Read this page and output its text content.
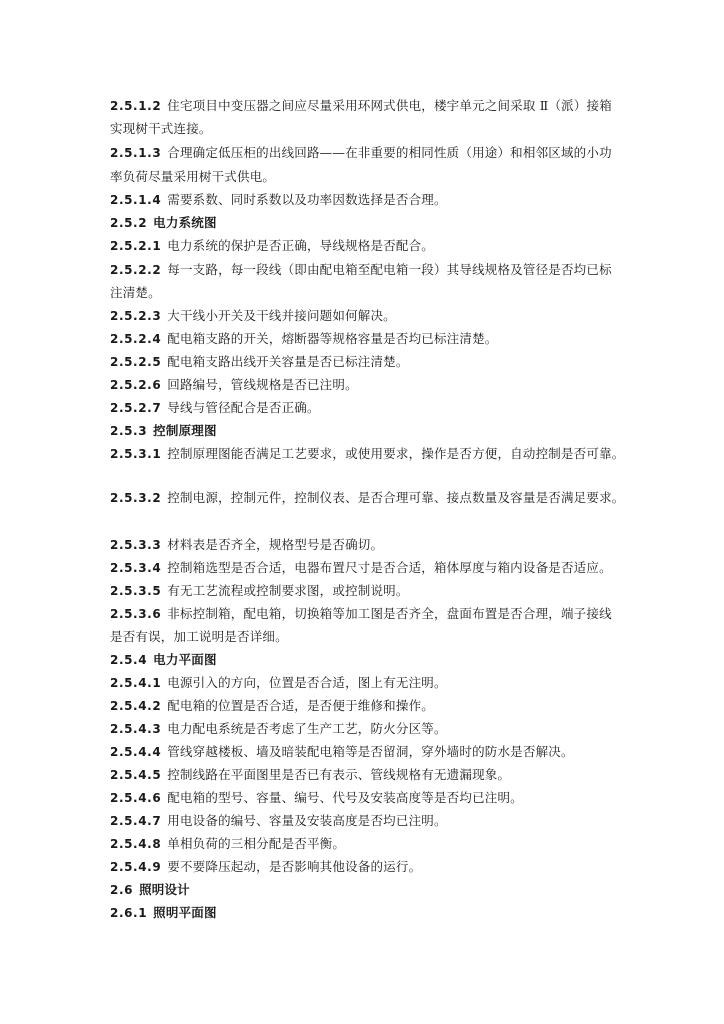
2.5.1.2 住宅项目中变压器之间应尽量采用环网式供电，楼宇单元之间采取 Ⅱ（派）接箱
实现树干式连接。
2.5.1.3 合理确定低压柜的出线回路——在非重要的相同性质（用途）和相邻区域的小功
率负荷尽量采用树干式供电。
2.5.1.4 需要系数、同时系数以及功率因数选择是否合理。
2.5.2 电力系统图
2.5.2.1 电力系统的保护是否正确，导线规格是否配合。
2.5.2.2 每一支路，每一段线（即由配电箱至配电箱一段）其导线规格及管径是否均已标
注清楚。
2.5.2.3 大干线小开关及干线并接问题如何解决。
2.5.2.4 配电箱支路的开关，熔断器等规格容量是否均已标注清楚。
2.5.2.5 配电箱支路出线开关容量是否已标注清楚。
2.5.2.6 回路编号，管线规格是否已注明。
2.5.2.7 导线与管径配合是否正确。
2.5.3 控制原理图
2.5.3.1 控制原理图能否满足工艺要求，或使用要求，操作是否方便，自动控制是否可靠。
2.5.3.2 控制电源，控制元件，控制仪表、是否合理可靠、接点数量及容量是否满足要求。
2.5.3.3 材料表是否齐全，规格型号是否确切。
2.5.3.4 控制箱选型是否合适，电器布置尺寸是否合适，箱体厚度与箱内设备是否适应。
2.5.3.5 有无工艺流程或控制要求图，或控制说明。
2.5.3.6 非标控制箱，配电箱，切换箱等加工图是否齐全，盘面布置是否合理，端子接线
是否有误，加工说明是否详细。
2.5.4 电力平面图
2.5.4.1 电源引入的方向，位置是否合适，图上有无注明。
2.5.4.2 配电箱的位置是否合适，是否便于维修和操作。
2.5.4.3 电力配电系统是否考虑了生产工艺，防火分区等。
2.5.4.4 管线穿越楼板、墙及暗装配电箱等是否留洞，穿外墙时的防水是否解决。
2.5.4.5 控制线路在平面图里是否已有表示、管线规格有无遗漏现象。
2.5.4.6 配电箱的型号、容量、编号、代号及安装高度等是否均已注明。
2.5.4.7 用电设备的编号、容量及安装高度是否均已注明。
2.5.4.8 单相负荷的三相分配是否平衡。
2.5.4.9 要不要降压起动，是否影响其他设备的运行。
2.6 照明设计
2.6.1 照明平面图
